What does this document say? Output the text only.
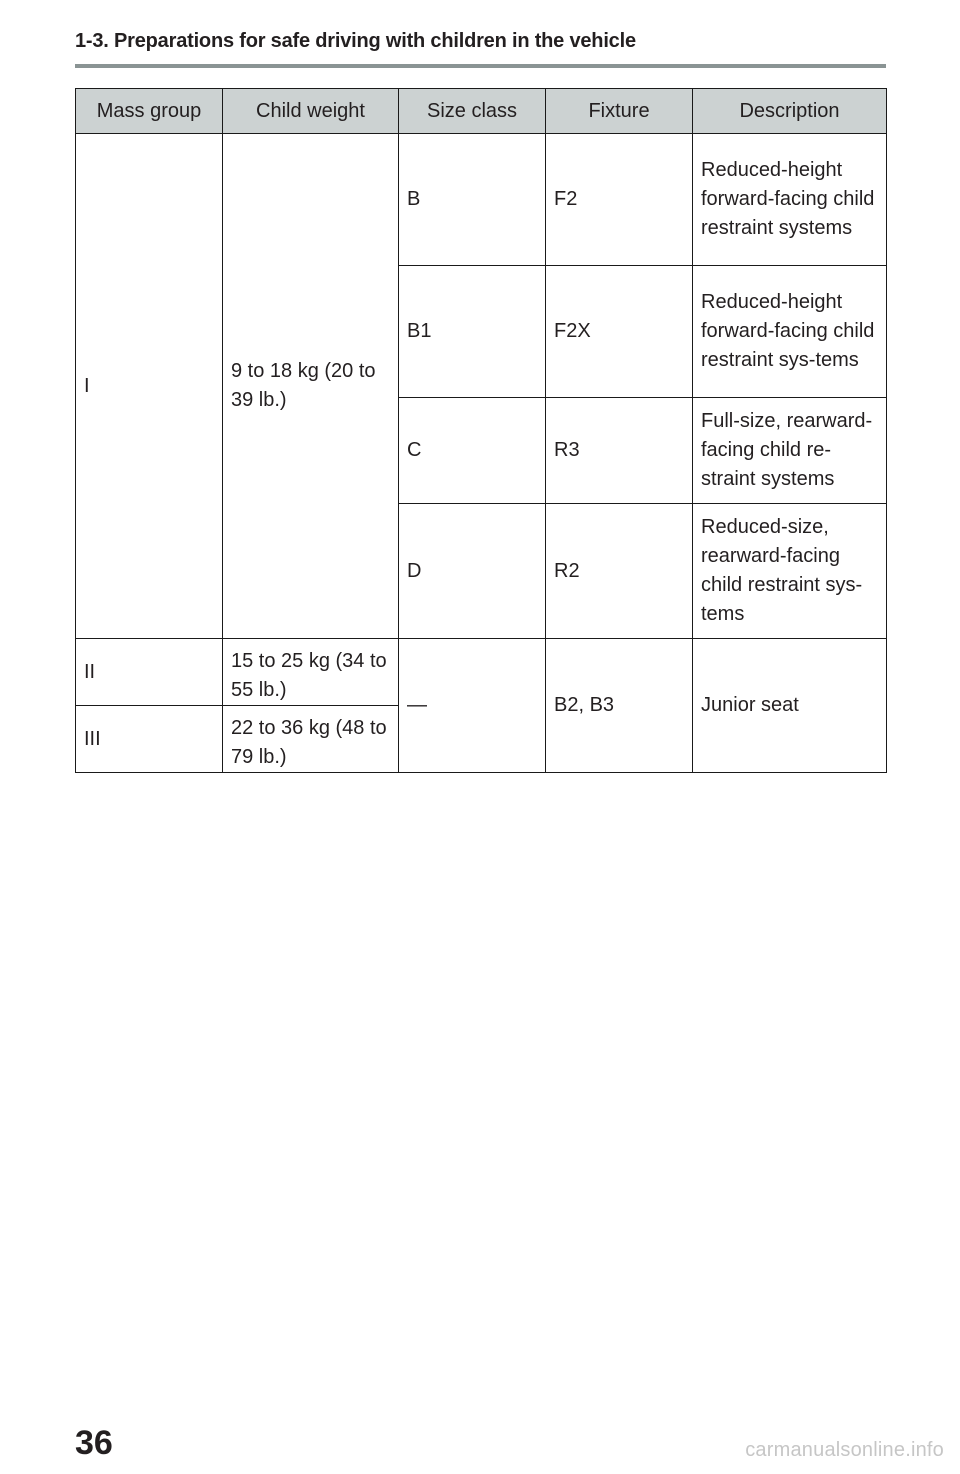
1-3. Preparations for safe driving with children in the vehicle
Mass group	Child weight	Size class	Fixture	Description
I	9 to 18 kg (20 to 39 lb.)	B	F2	Reduced-height forward-facing child restraint systems
		B1	F2X	Reduced-height forward-facing child restraint sys-tems
		C	R3	Full-size, rearward-facing child re-straint systems
		D	R2	Reduced-size, rearward-facing child restraint sys-tems
II	15 to 25 kg (34 to 55 lb.)	—	B2, B3	Junior seat
III	22 to 36 kg (48 to 79 lb.)			
36	carmanualsonline.info
